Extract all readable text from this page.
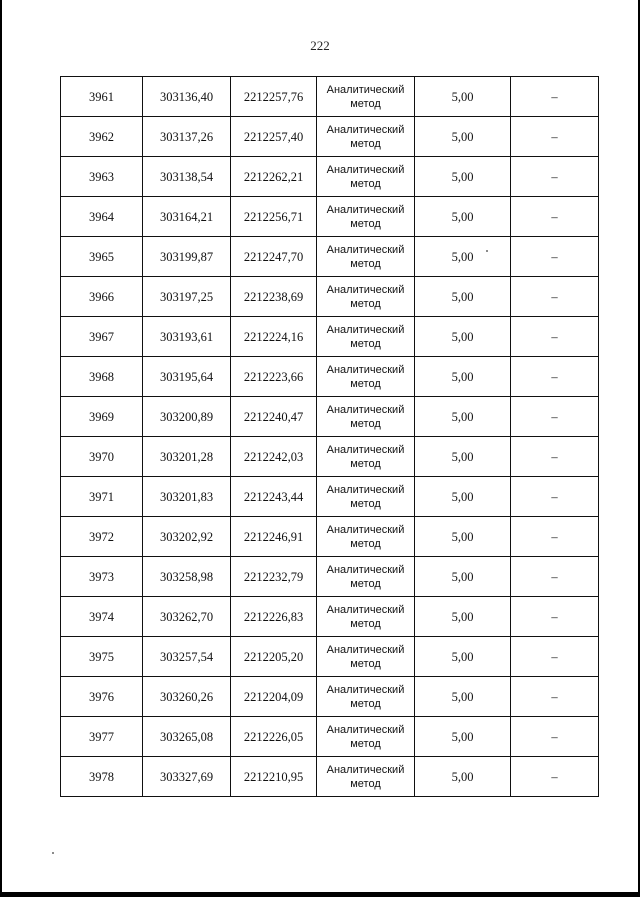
222
3961	303136,40	2212257,76	Аналитический метод	5,00	–
3962	303137,26	2212257,40	Аналитический метод	5,00	–
3963	303138,54	2212262,21	Аналитический метод	5,00	–
3964	303164,21	2212256,71	Аналитический метод	5,00	–
3965	303199,87	2212247,70	Аналитический метод	5,00	–
3966	303197,25	2212238,69	Аналитический метод	5,00	–
3967	303193,61	2212224,16	Аналитический метод	5,00	–
3968	303195,64	2212223,66	Аналитический метод	5,00	–
3969	303200,89	2212240,47	Аналитический метод	5,00	–
3970	303201,28	2212242,03	Аналитический метод	5,00	–
3971	303201,83	2212243,44	Аналитический метод	5,00	–
3972	303202,92	2212246,91	Аналитический метод	5,00	–
3973	303258,98	2212232,79	Аналитический метод	5,00	–
3974	303262,70	2212226,83	Аналитический метод	5,00	–
3975	303257,54	2212205,20	Аналитический метод	5,00	–
3976	303260,26	2212204,09	Аналитический метод	5,00	–
3977	303265,08	2212226,05	Аналитический метод	5,00	–
3978	303327,69	2212210,95	Аналитический метод	5,00	–
